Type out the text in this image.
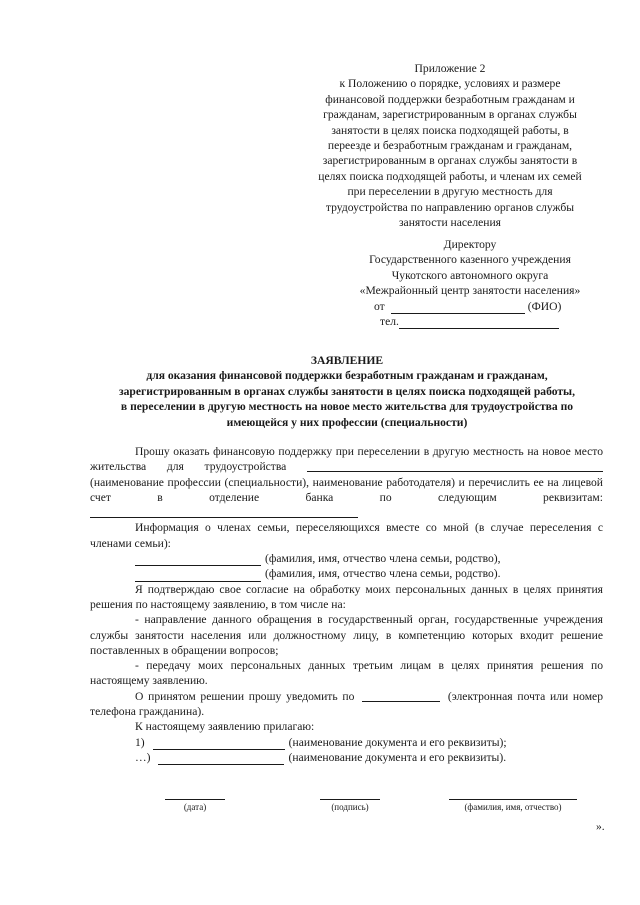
Приложение 2
к Положению о порядке, условиях и размере
финансовой поддержки безработным гражданам и
гражданам, зарегистрированным в органах службы
занятости в целях поиска подходящей работы, в
переезде и безработным гражданам и гражданам,
зарегистрированным в органах службы занятости в
целях поиска подходящей работы, и членам их семей
при переселении в другую местность для
трудоустройства по направлению органов службы
занятости населения
Директору
Государственного казенного учреждения
Чукотского автономного округа
«Межрайонный центр занятости населения»
от	(ФИО)
тел.
ЗАЯВЛЕНИЕ
для оказания финансовой поддержки безработным гражданам и гражданам,
зарегистрированным в органах службы занятости в целях поиска подходящей работы,
в переселении в другую местность на новое место жительства для трудоустройства по
имеющейся у них профессии (специальности)

Прошу оказать финансовую поддержку при переселении в другую местность на новое место жительства для трудоустройства  (наименование профессии (специальности), наименование работодателя) и перечислить ее на лицевой счет в отделение банка по следующим реквизитам:

Информация о членах семьи, переселяющихся вместе со мной (в случае переселения с членами семьи):

(фамилия, имя, отчество члена семьи, родство),
(фамилия, имя, отчество члена семьи, родство).

Я подтверждаю свое согласие на обработку моих персональных данных в целях принятия решения по настоящему заявлению, в том числе на:

- направление данного обращения в государственный орган, государственные учреждения службы занятости населения или должностному лицу, в компетенцию которых входит решение поставленных в обращении вопросов;

- передачу моих персональных данных третьим лицам в целях принятия решения по настоящему заявлению.

О принятом решении прошу уведомить по	(электронная почта или номер телефона гражданина).

К настоящему заявлению прилагаю:

1)	(наименование документа и его реквизиты);
…)	(наименование документа и его реквизиты).
(дата)	(подпись)	(фамилия, имя, отчество)
».
